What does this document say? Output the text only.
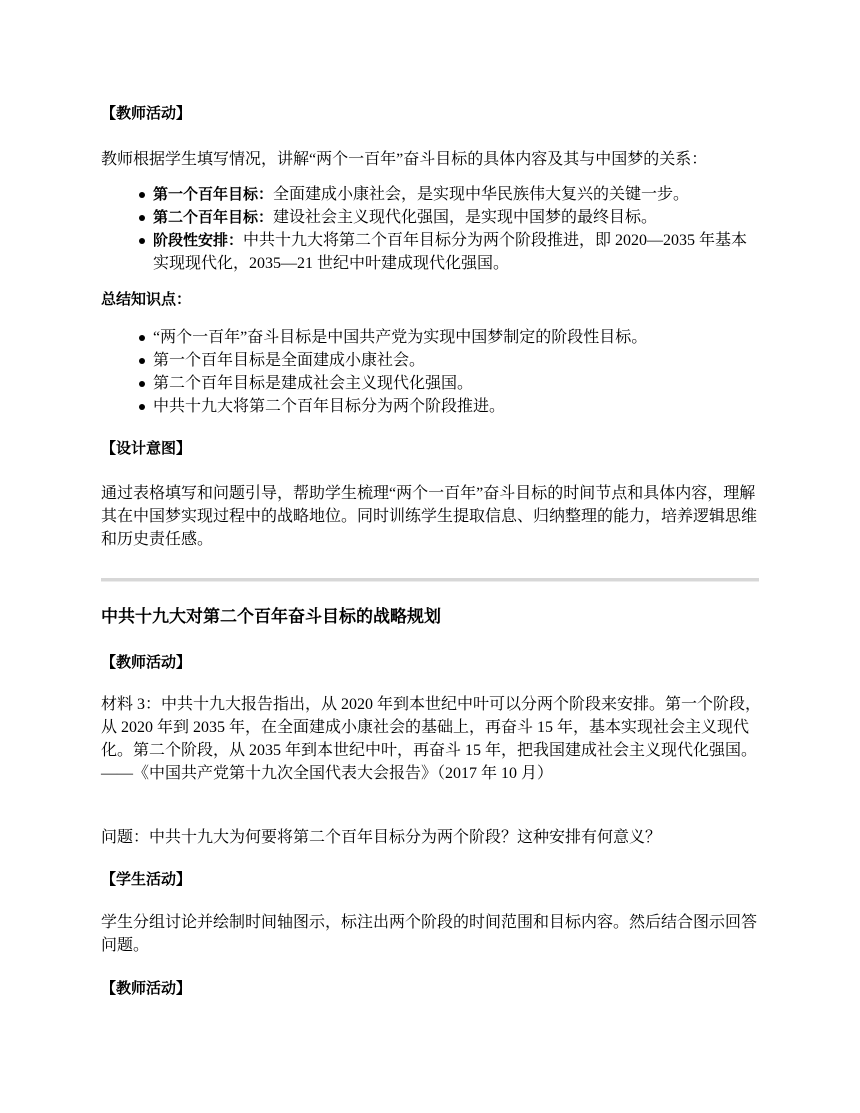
【教师活动】

教师根据学生填写情况，讲解“两个一百年”奋斗目标的具体内容及其与中国梦的关系：

第一个百年目标：全面建成小康社会，是实现中华民族伟大复兴的关键一步。
第二个百年目标：建设社会主义现代化强国，是实现中国梦的最终目标。
阶段性安排：中共十九大将第二个百年目标分为两个阶段推进，即 2020—2035 年基本实现现代化，2035—21 世纪中叶建成现代化强国。

总结知识点：

“两个一百年”奋斗目标是中国共产党为实现中国梦制定的阶段性目标。
第一个百年目标是全面建成小康社会。
第二个百年目标是建成社会主义现代化强国。
中共十九大将第二个百年目标分为两个阶段推进。

【设计意图】

通过表格填写和问题引导，帮助学生梳理“两个一百年”奋斗目标的时间节点和具体内容，理解其在中国梦实现过程中的战略地位。同时训练学生提取信息、归纳整理的能力，培养逻辑思维和历史责任感。

中共十九大对第二个百年奋斗目标的战略规划

【教师活动】

材料 3：中共十九大报告指出，从 2020 年到本世纪中叶可以分两个阶段来安排。第一个阶段，从 2020 年到 2035 年，在全面建成小康社会的基础上，再奋斗 15 年，基本实现社会主义现代化。第二个阶段，从 2035 年到本世纪中叶，再奋斗 15 年，把我国建成社会主义现代化强国。

——《中国共产党第十九次全国代表大会报告》（2017 年 10 月）

问题：中共十九大为何要将第二个百年目标分为两个阶段？这种安排有何意义？

【学生活动】

学生分组讨论并绘制时间轴图示，标注出两个阶段的时间范围和目标内容。然后结合图示回答问题。

【教师活动】
